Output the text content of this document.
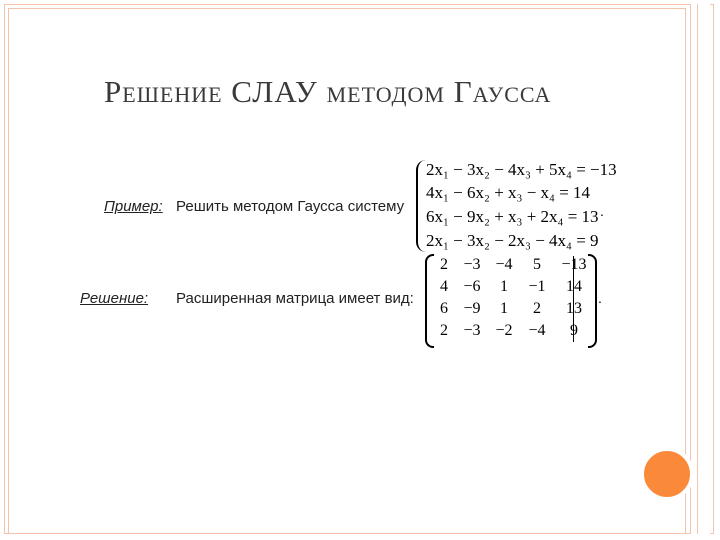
РЕШЕНИЕ СЛАУ МЕТОДОМ ГАУССА
Пример: Решить методом Гаусса систему
Решение: Расширенная матрица имеет вид:
2x₁ − 3x₂ − 4x₃ + 5x₄ = −13
4x₁ − 6x₂ + x₃ − x₄ = 14
6x₁ − 9x₂ + x₃ + 2x₄ = 13
2x₁ − 3x₂ − 2x₃ − 4x₄ = 9
.
2	−3	−4	5	−13
4	−6	1	−1	14
6	−9	1	2	13
2	−3	−2	−4	9
.
